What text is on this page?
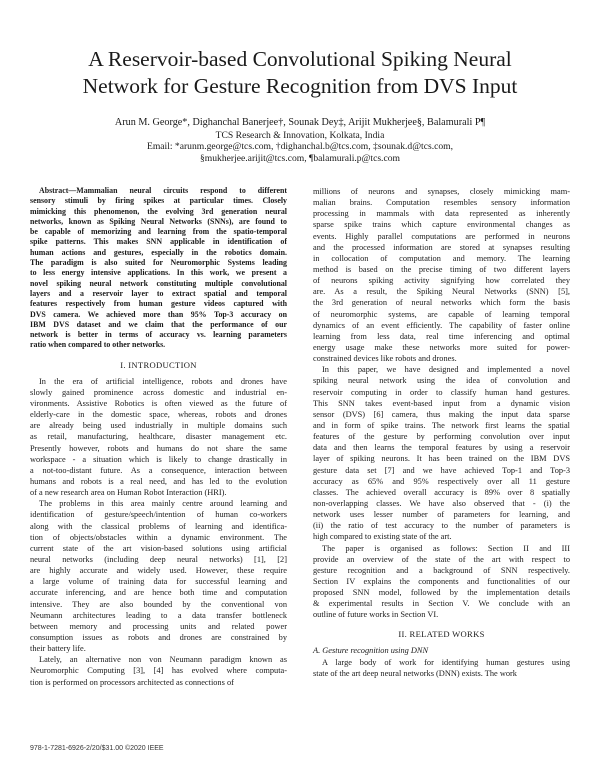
A Reservoir-based Convolutional Spiking Neural
Network for Gesture Recognition from DVS Input
Arun M. George*, Dighanchal Banerjee†, Sounak Dey‡, Arijit Mukherjee§, Balamurali P¶
TCS Research & Innovation, Kolkata, India
Email: *arunm.george@tcs.com, †dighanchal.b@tcs.com, ‡sounak.d@tcs.com,
§mukherjee.arijit@tcs.com, ¶balamurali.p@tcs.com
Abstract—Mammalian neural circuits respond to different
sensory stimuli by firing spikes at particular times. Closely
mimicking this phenomenon, the evolving 3rd generation neural
networks, known as Spiking Neural Networks (SNNs), are found to
be capable of memorizing and learning from the spatio-temporal
spike patterns. This makes SNN applicable in identification of
human actions and gestures, especially in the robotics domain.
The paradigm is also suited for Neuromorphic Systems leading
to less energy intensive applications. In this work, we present a
novel spiking neural network constituting multiple convolutional
layers and a reservoir layer to extract spatial and temporal
features respectively from human gesture videos captured with
DVS camera. We achieved more than 95% Top-3 accuracy on
IBM DVS dataset and we claim that the performance of our
network is better in terms of accuracy vs. learning parameters
ratio when compared to other networks.
I. INTRODUCTION
In the era of artificial intelligence, robots and drones have
slowly gained prominence across domestic and industrial en-
vironments. Assistive Robotics is often viewed as the future of
elderly-care in the domestic space, whereas, robots and drones
are already being used industrially in multiple domains such
as retail, manufacturing, healthcare, disaster management etc.
Presently however, robots and humans do not share the same
workspace - a situation which is likely to change drastically in
a not-too-distant future. As a consequence, interaction between
humans and robots is a real need, and has led to the evolution
of a new research area on Human Robot Interaction (HRI).
The problems in this area mainly centre around learning and
identification of gesture/speech/intention of human co-workers
along with the classical problems of learning and identifica-
tion of objects/obstacles within a dynamic environment. The
current state of the art vision-based solutions using artificial
neural networks (including deep neural networks) [1], [2]
are highly accurate and widely used. However, these require
a large volume of training data for successful learning and
accurate inferencing, and are hence both time and computation
intensive. They are also bounded by the conventional von
Neumann architectures leading to a data transfer bottleneck
between memory and processing units and related power
consumption issues as robots and drones are constrained by
their battery life.
Lately, an alternative non von Neumann paradigm known as
Neuromorphic Computing [3], [4] has evolved where computa-
tion is performed on processors architected as connections of
millions of neurons and synapses, closely mimicking mam-
malian brains. Computation resembles sensory information
processing in mammals with data represented as inherently
sparse spike trains which capture environmental changes as
events. Highly parallel computations are performed in neurons
and the processed information are stored at synapses resulting
in collocation of computation and memory. The learning
method is based on the precise timing of two different layers
of neurons spiking activity signifying how correlated they
are. As a result, the Spiking Neural Networks (SNN) [5],
the 3rd generation of neural networks which form the basis
of neuromorphic systems, are capable of learning temporal
dynamics of an event efficiently. The capability of faster online
learning from less data, real time inferencing and optimal
energy usage make these networks more suited for power-
constrained devices like robots and drones.
In this paper, we have designed and implemented a novel
spiking neural network using the idea of convolution and
reservoir computing in order to classify human hand gestures.
This SNN takes event-based input from a dynamic vision
sensor (DVS) [6] camera, thus making the input data sparse
and in form of spike trains. The network first learns the spatial
features of the gesture by performing convolution over input
data and then learns the temporal features by using a reservoir
layer of spiking neurons. It has been trained on the IBM DVS
gesture data set [7] and we have achieved Top-1 and Top-3
accuracy as 65% and 95% respectively over all 11 gesture
classes. The achieved overall accuracy is 89% over 8 spatially
non-overlapping classes. We have also observed that - (i) the
network uses lesser number of parameters for learning, and
(ii) the ratio of test accuracy to the number of parameters is
high compared to existing state of the art.
The paper is organised as follows: Section II and III
provide an overview of the state of the art with respect to
gesture recognition and a background of SNN respectively.
Section IV explains the components and functionalities of our
proposed SNN model, followed by the implementation details
& experimental results in Section V. We conclude with an
outline of future works in Section VI.
II. RELATED WORKS
A. Gesture recognition using DNN
A large body of work for identifying human gestures using
state of the art deep neural networks (DNN) exists. The work
978-1-7281-6926-2/20/$31.00 ©2020 IEEE
